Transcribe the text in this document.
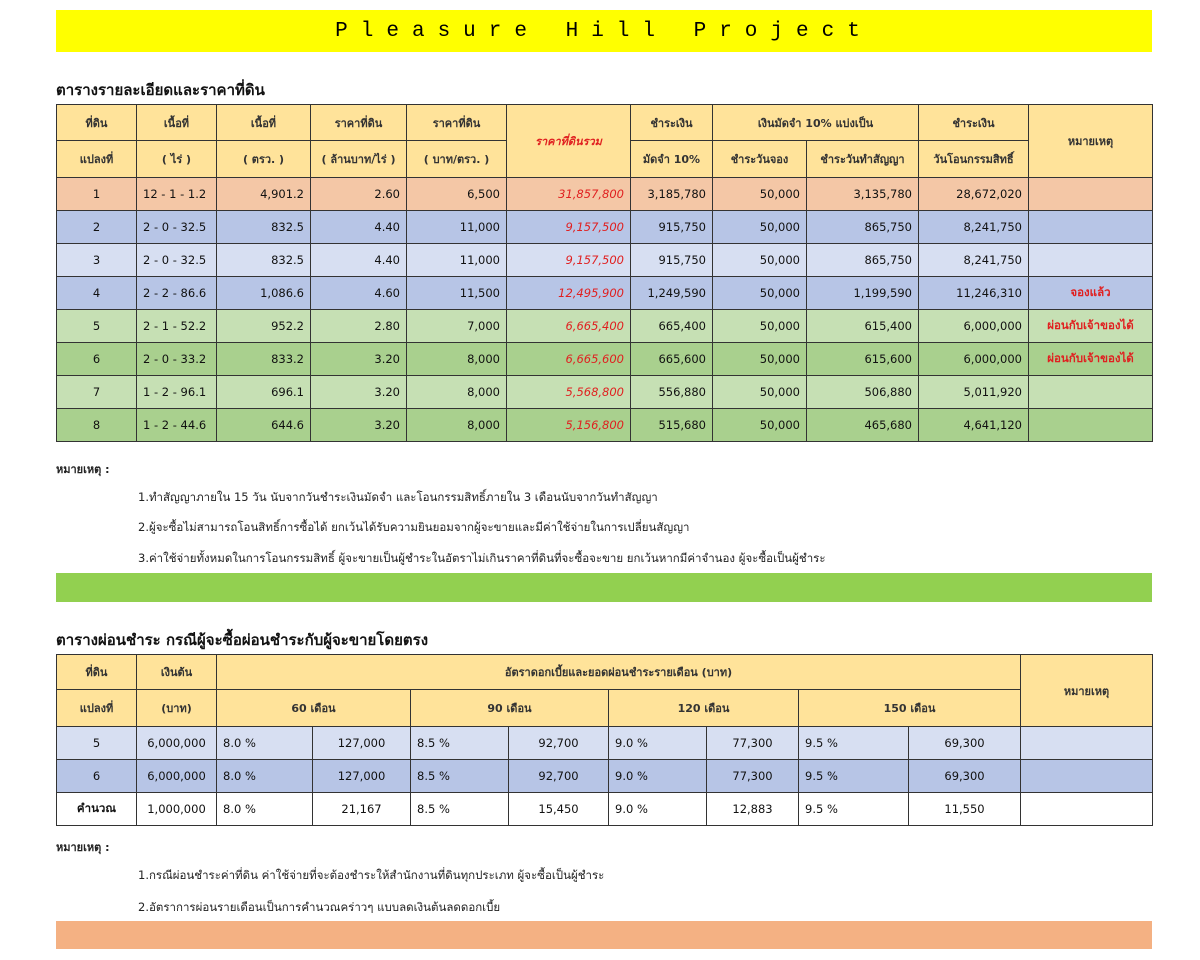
Pleasure Hill Project
ตารางรายละเอียดและราคาที่ดิน
ที่ดิน	เนื้อที่	เนื้อที่	ราคาที่ดิน	ราคาที่ดิน	ราคาที่ดินรวม	ชำระเงิน	เงินมัดจำ 10% แบ่งเป็น		ชำระเงิน	หมายเหตุ
แปลงที่	( ไร่ )	( ตรว. )	( ล้านบาท/ไร่ )	( บาท/ตรว. )		มัดจำ 10%	ชำระวันจอง	ชำระวันทำสัญญา	วันโอนกรรมสิทธิ์	
1	12 - 1 - 1.2	4,901.2	2.60	6,500	31,857,800	3,185,780	50,000	3,135,780	28,672,020	
2	2 - 0 - 32.5	832.5	4.40	11,000	9,157,500	915,750	50,000	865,750	8,241,750	
3	2 - 0 - 32.5	832.5	4.40	11,000	9,157,500	915,750	50,000	865,750	8,241,750	
4	2 - 2 - 86.6	1,086.6	4.60	11,500	12,495,900	1,249,590	50,000	1,199,590	11,246,310	จองแล้ว
5	2 - 1 - 52.2	952.2	2.80	7,000	6,665,400	665,400	50,000	615,400	6,000,000	ผ่อนกับเจ้าของได้
6	2 - 0 - 33.2	833.2	3.20	8,000	6,665,600	665,600	50,000	615,600	6,000,000	ผ่อนกับเจ้าของได้
7	1 - 2 - 96.1	696.1	3.20	8,000	5,568,800	556,880	50,000	506,880	5,011,920	
8	1 - 2 - 44.6	644.6	3.20	8,000	5,156,800	515,680	50,000	465,680	4,641,120	
หมายเหตุ :
1.ทำสัญญาภายใน 15 วัน นับจากวันชำระเงินมัดจำ และโอนกรรมสิทธิ์ภายใน 3 เดือนนับจากวันทำสัญญา
2.ผู้จะซื้อไม่สามารถโอนสิทธิ์การซื้อได้ ยกเว้นได้รับความยินยอมจากผู้จะขายและมีค่าใช้จ่ายในการเปลี่ยนสัญญา
3.ค่าใช้จ่ายทั้งหมดในการโอนกรรมสิทธิ์ ผู้จะขายเป็นผู้ชำระในอัตราไม่เกินราคาที่ดินที่จะซื้อจะขาย ยกเว้นหากมีค่าจำนอง ผู้จะซื้อเป็นผู้ชำระ
ตารางผ่อนชำระ กรณีผู้จะซื้อผ่อนชำระกับผู้จะขายโดยตรง
ที่ดิน	เงินต้น	อัตราดอกเบี้ยและยอดผ่อนชำระรายเดือน (บาท)								หมายเหตุ
แปลงที่	(บาท)	60 เดือน		90 เดือน		120 เดือน		150 เดือน		
5	6,000,000	8.0 %	127,000	8.5 %	92,700	9.0 %	77,300	9.5 %	69,300	
6	6,000,000	8.0 %	127,000	8.5 %	92,700	9.0 %	77,300	9.5 %	69,300	
คำนวณ	1,000,000	8.0 %	21,167	8.5 %	15,450	9.0 %	12,883	9.5 %	11,550	
หมายเหตุ :
1.กรณีผ่อนชำระค่าที่ดิน ค่าใช้จ่ายที่จะต้องชำระให้สำนักงานที่ดินทุกประเภท ผู้จะซื้อเป็นผู้ชำระ
2.อัตราการผ่อนรายเดือนเป็นการคำนวณคร่าวๆ แบบลดเงินต้นลดดอกเบี้ย
